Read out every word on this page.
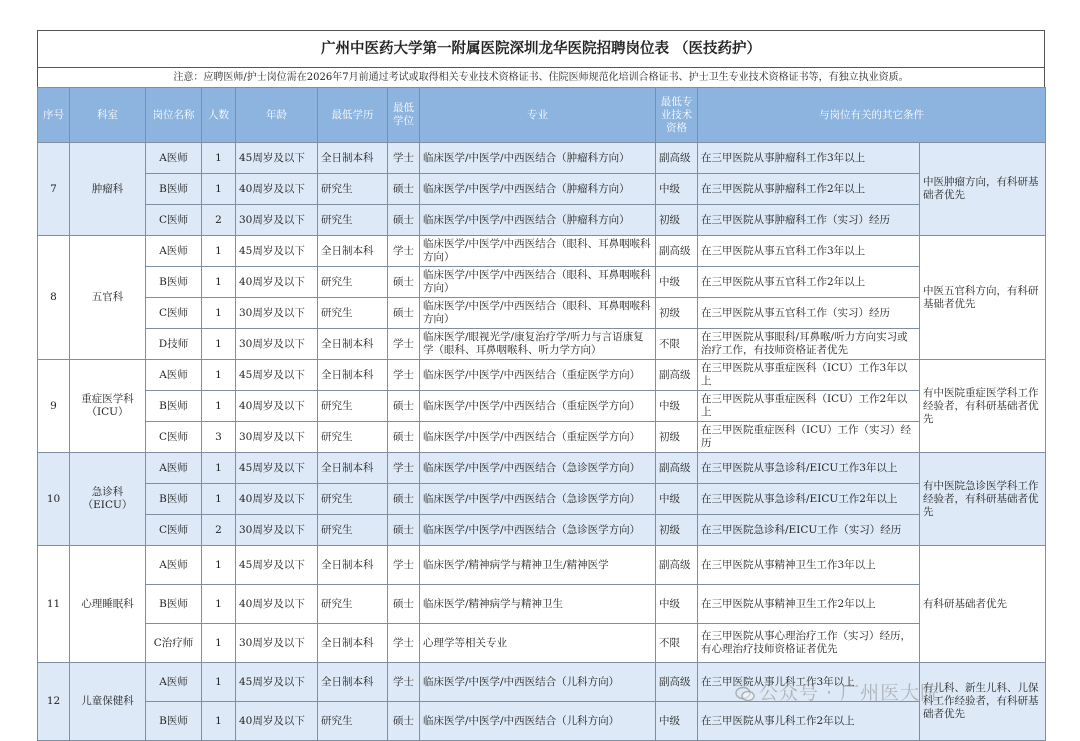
广州中医药大学第一附属医院深圳龙华医院招聘岗位表 （医技药护）
注意：应聘医师/护士岗位需在2026年7月前通过考试或取得相关专业技术资格证书、住院医师规范化培训合格证书、护士卫生专业技术资格证书等，有独立执业资质。
序号	科室	岗位名称	人数	年龄	最低学历	最低学位	专业	最低专业技术资格	与岗位有关的其它条件	
7	肿瘤科	A医师	1	45周岁及以下	全日制本科	学士	临床医学/中医学/中西医结合（肿瘤科方向）	副高级	在三甲医院从事肿瘤科工作3年以上	中医肿瘤方向，有科研基础者优先
		B医师	1	40周岁及以下	研究生	硕士	临床医学/中医学/中西医结合（肿瘤科方向）	中级	在三甲医院从事肿瘤科工作2年以上	
		C医师	2	30周岁及以下	研究生	硕士	临床医学/中医学/中西医结合（肿瘤科方向）	初级	在三甲医院从事肿瘤科工作（实习）经历	
8	五官科	A医师	1	45周岁及以下	全日制本科	学士	临床医学/中医学/中西医结合（眼科、耳鼻咽喉科方向）	副高级	在三甲医院从事五官科工作3年以上	中医五官科方向，有科研基础者优先
		B医师	1	40周岁及以下	研究生	硕士	临床医学/中医学/中西医结合（眼科、耳鼻咽喉科方向）	中级	在三甲医院从事五官科工作2年以上	
		C医师	1	30周岁及以下	研究生	硕士	临床医学/中医学/中西医结合（眼科、耳鼻咽喉科方向）	初级	在三甲医院从事五官科工作（实习）经历	
		D技师	1	30周岁及以下	全日制本科	学士	临床医学/眼视光学/康复治疗学/听力与言语康复学（眼科、耳鼻咽喉科、听力学方向）	不限	在三甲医院从事眼科/耳鼻喉/听力方向实习或治疗工作，有技师资格证者优先	
9	重症医学科（ICU）	A医师	1	45周岁及以下	全日制本科	学士	临床医学/中医学/中西医结合（重症医学方向）	副高级	在三甲医院从事重症医科（ICU）工作3年以上	有中医院重症医学科工作经验者，有科研基础者优先
		B医师	1	40周岁及以下	研究生	硕士	临床医学/中医学/中西医结合（重症医学方向）	中级	在三甲医院从事重症医科（ICU）工作2年以上	
		C医师	3	30周岁及以下	研究生	硕士	临床医学/中医学/中西医结合（重症医学方向）	初级	在三甲医院重症医科（ICU）工作（实习）经历	
10	急诊科（EICU）	A医师	1	45周岁及以下	全日制本科	学士	临床医学/中医学/中西医结合（急诊医学方向）	副高级	在三甲医院从事急诊科/EICU工作3年以上	有中医院急诊医学科工作经验者，有科研基础者优先
		B医师	1	40周岁及以下	研究生	硕士	临床医学/中医学/中西医结合（急诊医学方向）	中级	在三甲医院从事急诊科/EICU工作2年以上	
		C医师	2	30周岁及以下	研究生	硕士	临床医学/中医学/中西医结合（急诊医学方向）	初级	在三甲医院急诊科/EICU工作（实习）经历	
11	心理睡眠科	A医师	1	45周岁及以下	全日制本科	学士	临床医学/精神病学与精神卫生/精神医学	副高级	在三甲医院从事精神卫生工作3年以上	有科研基础者优先
		B医师	1	40周岁及以下	研究生	硕士	临床医学/精神病学与精神卫生	中级	在三甲医院从事精神卫生工作2年以上	
		C治疗师	1	30周岁及以下	全日制本科	学士	心理学等相关专业	不限	在三甲医院从事心理治疗工作（实习）经历，有心理治疗技师资格证者优先	
12	儿童保健科	A医师	1	45周岁及以下	全日制本科	学士	临床医学/中医学/中西医结合（儿科方向）	副高级	在三甲医院从事儿科工作3年以上	有儿科、新生儿科、儿保科工作经验者，有科研基础者优先
		B医师	1	40周岁及以下	研究生	硕士	临床医学/中医学/中西医结合（儿科方向）	中级	在三甲医院从事儿科工作2年以上	
公众号 · 广州医大院
